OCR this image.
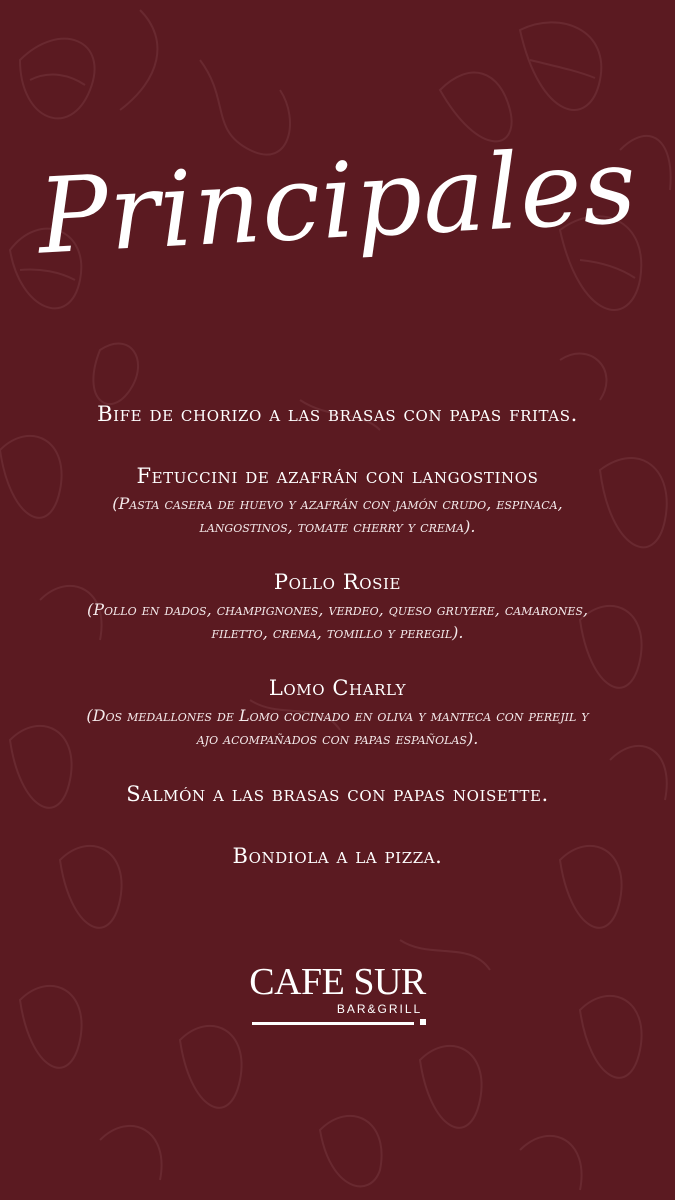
Principales
Bife de chorizo a las brasas con papas fritas.
Fetuccini de azafrán con langostinos
(Pasta casera de huevo y azafrán con jamón crudo, espinaca, langostinos, tomate cherry y crema).
Pollo Rosie
(Pollo en dados, champignones, verdeo, queso gruyere, camarones, filetto, crema, tomillo y peregil).
Lomo Charly
(Dos medallones de Lomo cocinado en oliva y manteca con perejil y ajo acompañados con papas españolas).
Salmón a las brasas con papas noisette.
Bondiola a la pizza.
CAFE SUR
BAR&GRILL
